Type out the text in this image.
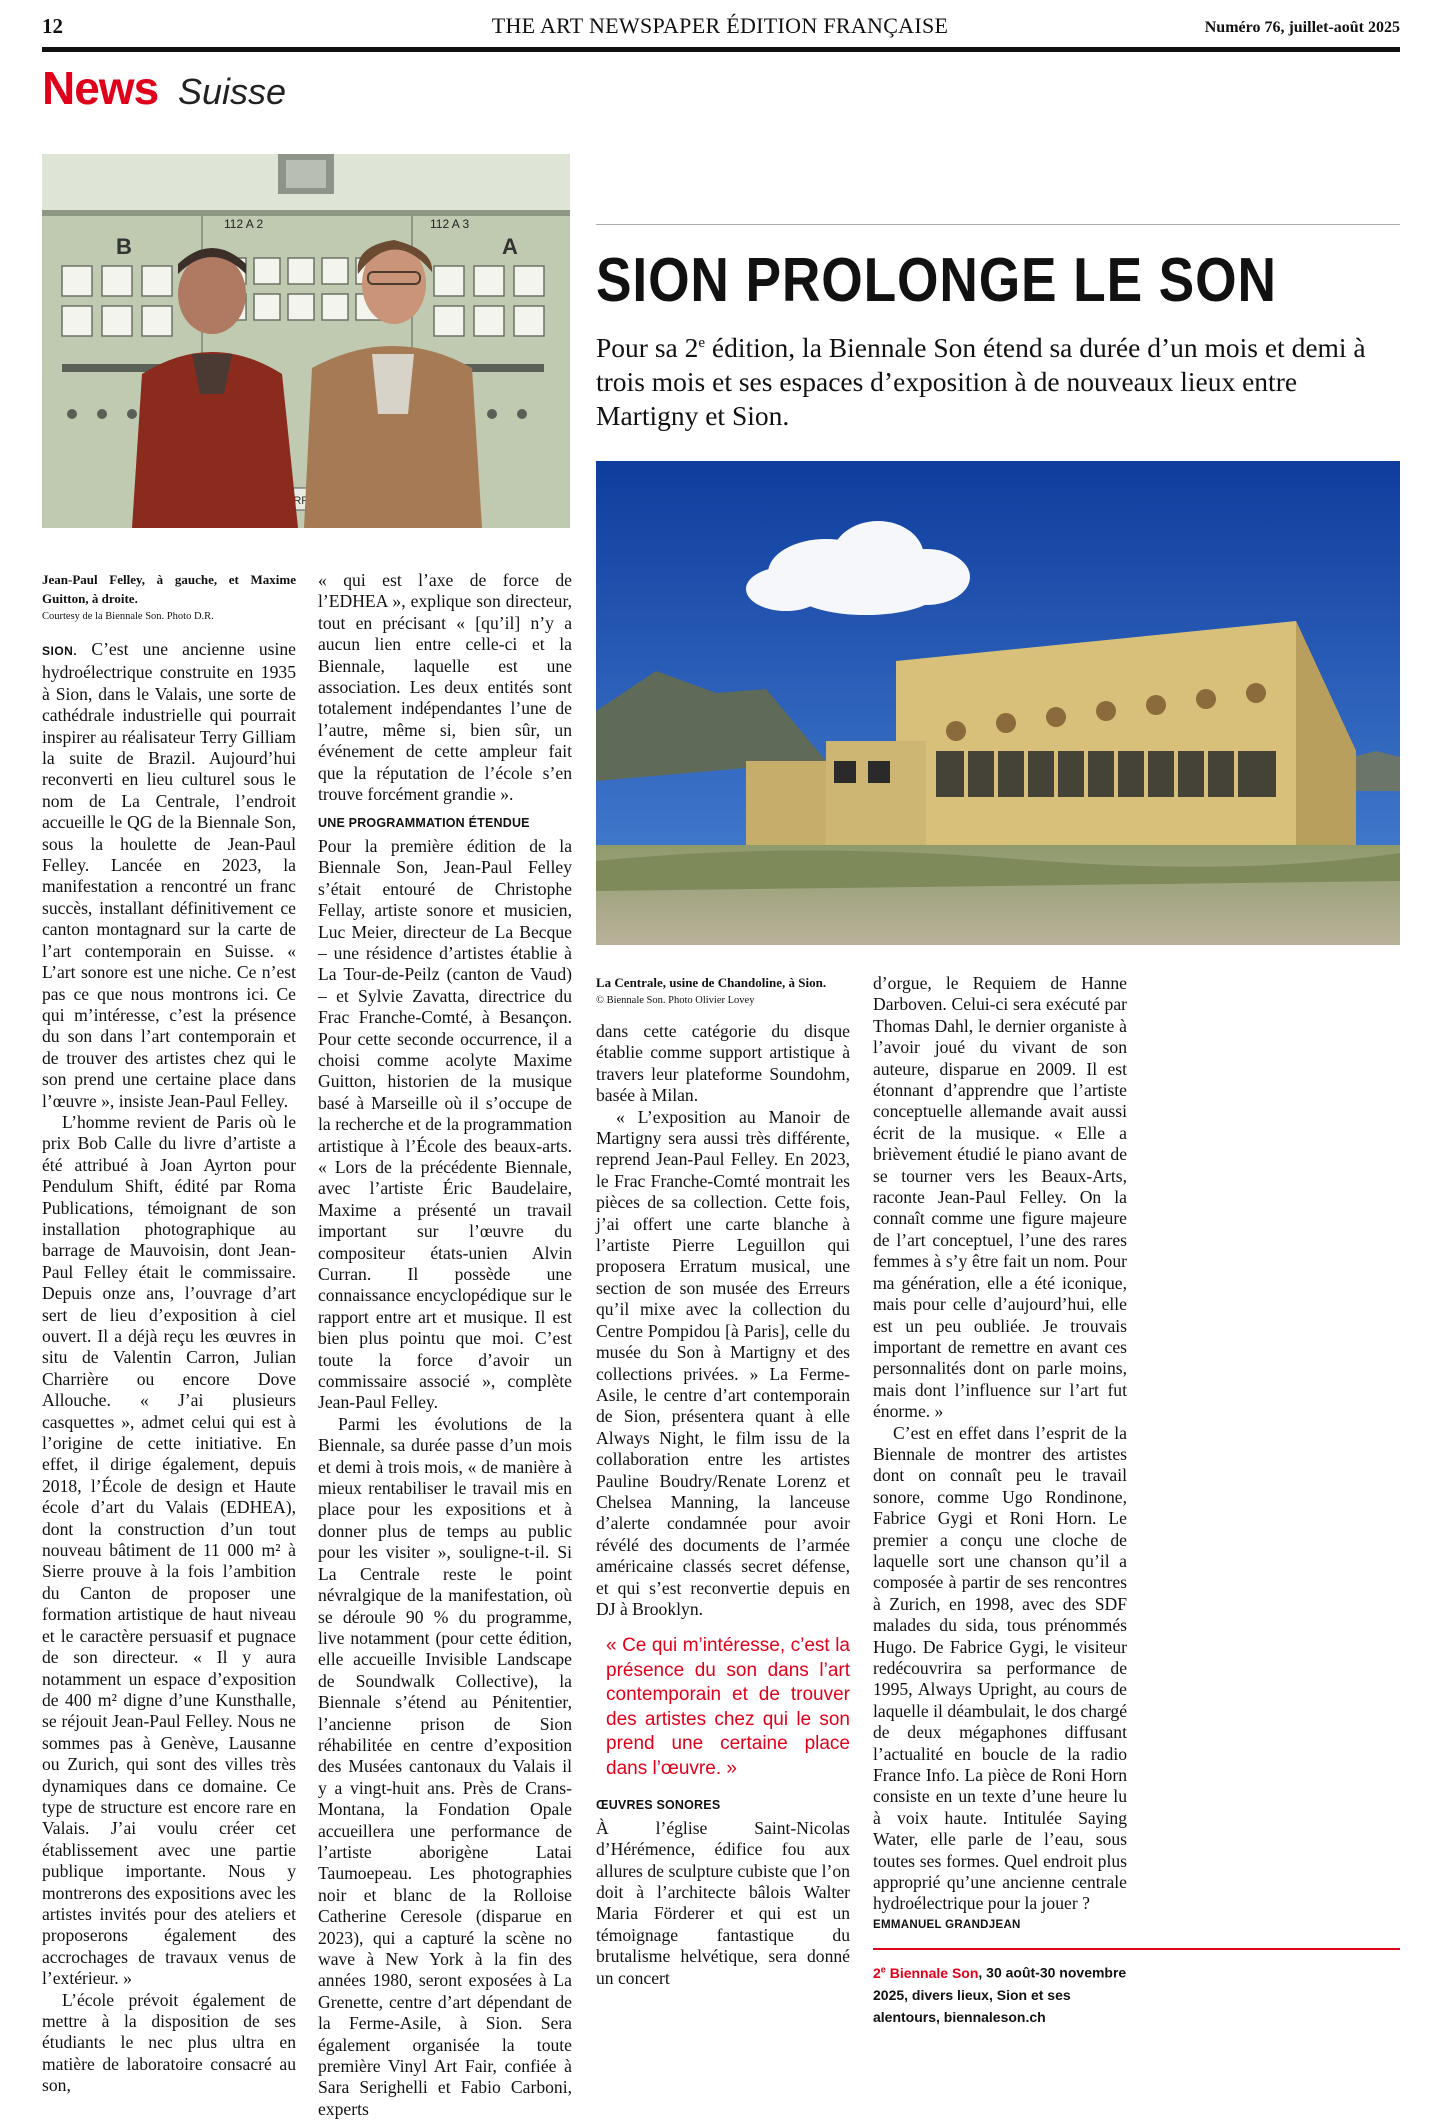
THE ART NEWSPAPER ÉDITION FRANÇAISE
12	Numéro 76, juillet-août 2025
News Suisse
112 A 2	112 A 3
B	A SION PROLONGE LE SON
Pour sa 2e édition, la Biennale Son étend sa durée d’un mois et demi à trois mois et ses espaces d’exposition à de nouveaux lieux entre Martigny et Sion.
Jean-Paul Felley, à gauche, et Maxime Guitton, à droite.
Courtesy de la Biennale Son. Photo D.R.

SION. C’est une ancienne usine hydroélectrique construite en 1935 à Sion, dans le Valais, une sorte de cathédrale industrielle qui pourrait inspirer au réalisateur Terry Gilliam la suite de Brazil. Aujourd’hui reconverti en lieu culturel sous le nom de La Centrale, l’endroit accueille le QG de la Biennale Son, sous la houlette de Jean-Paul Felley. Lancée en 2023, la manifestation a rencontré un franc succès, installant définitivement ce canton montagnard sur la carte de l’art contemporain en Suisse. « L’art sonore est une niche. Ce n’est pas ce que nous montrons ici. Ce qui m’intéresse, c’est la présence du son dans l’art contemporain et de trouver des artistes chez qui le son prend une certaine place dans l’œuvre », insiste Jean-Paul Felley.

L’homme revient de Paris où le prix Bob Calle du livre d’artiste a été attribué à Joan Ayrton pour Pendulum Shift, édité par Roma Publications, témoignant de son installation photographique au barrage de Mauvoisin, dont Jean-Paul Felley était le commissaire. Depuis onze ans, l’ouvrage d’art sert de lieu d’exposition à ciel ouvert. Il a déjà reçu les œuvres in situ de Valentin Carron, Julian Charrière ou encore Dove Allouche. « J’ai plusieurs casquettes », admet celui qui est à l’origine de cette initiative. En effet, il dirige également, depuis 2018, l’École de design et Haute école d’art du Valais (EDHEA), dont la construction d’un tout nouveau bâtiment de 11 000 m² à Sierre prouve à la fois l’ambition du Canton de proposer une formation artistique de haut niveau et le caractère persuasif et pugnace de son directeur. « Il y aura notamment un espace d’exposition de 400 m² digne d’une Kunsthalle, se réjouit Jean-Paul Felley. Nous ne sommes pas à Genève, Lausanne ou Zurich, qui sont des villes très dynamiques dans ce domaine. Ce type de structure est encore rare en Valais. J’ai voulu créer cet établissement avec une partie publique importante. Nous y montrerons des expositions avec les artistes invités pour des ateliers et proposerons également des accrochages de travaux venus de l’extérieur. »

L’école prévoit également de mettre à la disposition de ses étudiants le nec plus ultra en matière de laboratoire consacré au son,

« qui est l’axe de force de l’EDHEA », explique son directeur, tout en précisant « [qu’il] n’y a aucun lien entre celle-ci et la Biennale, laquelle est une association. Les deux entités sont totalement indépendantes l’une de l’autre, même si, bien sûr, un événement de cette ampleur fait que la réputation de l’école s’en trouve forcément grandie ».

UNE PROGRAMMATION ÉTENDUE

Pour la première édition de la Biennale Son, Jean-Paul Felley s’était entouré de Christophe Fellay, artiste sonore et musicien, Luc Meier, directeur de La Becque – une résidence d’artistes établie à La Tour-de-Peilz (canton de Vaud) – et Sylvie Zavatta, directrice du Frac Franche-Comté, à Besançon. Pour cette seconde occurrence, il a choisi comme acolyte Maxime Guitton, historien de la musique basé à Marseille où il s’occupe de la recherche et de la programmation artistique à l’École des beaux-arts. « Lors de la précédente Biennale, avec l’artiste Éric Baudelaire, Maxime a présenté un travail important sur l’œuvre du compositeur états-unien Alvin Curran. Il possède une connaissance encyclopédique sur le rapport entre art et musique. Il est bien plus pointu que moi. C’est toute la force d’avoir un commissaire associé », complète Jean-Paul Felley.

Parmi les évolutions de la Biennale, sa durée passe d’un mois et demi à trois mois, « de manière à mieux rentabiliser le travail mis en place pour les expositions et à donner plus de temps au public pour les visiter », souligne-t-il. Si La Centrale reste le point névralgique de la manifestation, où se déroule 90 % du programme, live notamment (pour cette édition, elle accueille Invisible Landscape de Soundwalk Collective), la Biennale s’étend au Pénitentier, l’ancienne prison de Sion réhabilitée en centre d’exposition des Musées cantonaux du Valais il y a vingt-huit ans. Près de Crans-Montana, la Fondation Opale accueillera une performance de l’artiste aborigène Latai Taumoepeau. Les photographies noir et blanc de la Rolloise Catherine Ceresole (disparue en 2023), qui a capturé la scène no wave à New York à la fin des années 1980, seront exposées à La Grenette, centre d’art dépendant de la Ferme-Asile, à Sion. Sera également organisée la toute première Vinyl Art Fair, confiée à Sara Serighelli et Fabio Carboni, experts

La Centrale, usine de Chandoline, à Sion.
© Biennale Son. Photo Olivier Lovey

dans cette catégorie du disque établie comme support artistique à travers leur plateforme Soundohm, basée à Milan.

« L’exposition au Manoir de Martigny sera aussi très différente, reprend Jean-Paul Felley. En 2023, le Frac Franche-Comté montrait les pièces de sa collection. Cette fois, j’ai offert une carte blanche à l’artiste Pierre Leguillon qui proposera Erratum musical, une section de son musée des Erreurs qu’il mixe avec la collection du Centre Pompidou [à Paris], celle du musée du Son à Martigny et des collections privées. » La Ferme-Asile, le centre d’art contemporain de Sion, présentera quant à elle Always Night, le film issu de la collaboration entre les artistes Pauline Boudry/Renate Lorenz et Chelsea Manning, la lanceuse d’alerte condamnée pour avoir révélé des documents de l’armée américaine classés secret défense, et qui s’est reconvertie depuis en DJ à Brooklyn.

« Ce qui m’intéresse, c’est la présence du son dans l’art contemporain et de trouver des artistes chez qui le son prend une certaine place dans l’œuvre. »
ŒUVRES SONORES

À l’église Saint-Nicolas d’Hérémence, édifice fou aux allures de sculpture cubiste que l’on doit à l’architecte bâlois Walter Maria Förderer et qui est un témoignage fantastique du brutalisme helvétique, sera donné un concert

d’orgue, le Requiem de Hanne Darboven. Celui-ci sera exécuté par Thomas Dahl, le dernier organiste à l’avoir joué du vivant de son auteure, disparue en 2009. Il est étonnant d’apprendre que l’artiste conceptuelle allemande avait aussi écrit de la musique. « Elle a brièvement étudié le piano avant de se tourner vers les Beaux-Arts, raconte Jean-Paul Felley. On la connaît comme une figure majeure de l’art conceptuel, l’une des rares femmes à s’y être fait un nom. Pour ma génération, elle a été iconique, mais pour celle d’aujourd’hui, elle est un peu oubliée. Je trouvais important de remettre en avant ces personnalités dont on parle moins, mais dont l’influence sur l’art fut énorme. »

C’est en effet dans l’esprit de la Biennale de montrer des artistes dont on connaît peu le travail sonore, comme Ugo Rondinone, Fabrice Gygi et Roni Horn. Le premier a conçu une cloche de laquelle sort une chanson qu’il a composée à partir de ses rencontres à Zurich, en 1998, avec des SDF malades du sida, tous prénommés Hugo. De Fabrice Gygi, le visiteur redécouvrira sa performance de 1995, Always Upright, au cours de laquelle il déambulait, le dos chargé de deux mégaphones diffusant l’actualité en boucle de la radio France Info. La pièce de Roni Horn consiste en un texte d’une heure lu à voix haute. Intitulée Saying Water, elle parle de l’eau, sous toutes ses formes. Quel endroit plus approprié qu’une ancienne centrale hydroélectrique pour la jouer ?

EMMANUEL GRANDJEAN
2e Biennale Son, 30 août-30 novembre 2025, divers lieux, Sion et ses alentours, biennaleson.ch
